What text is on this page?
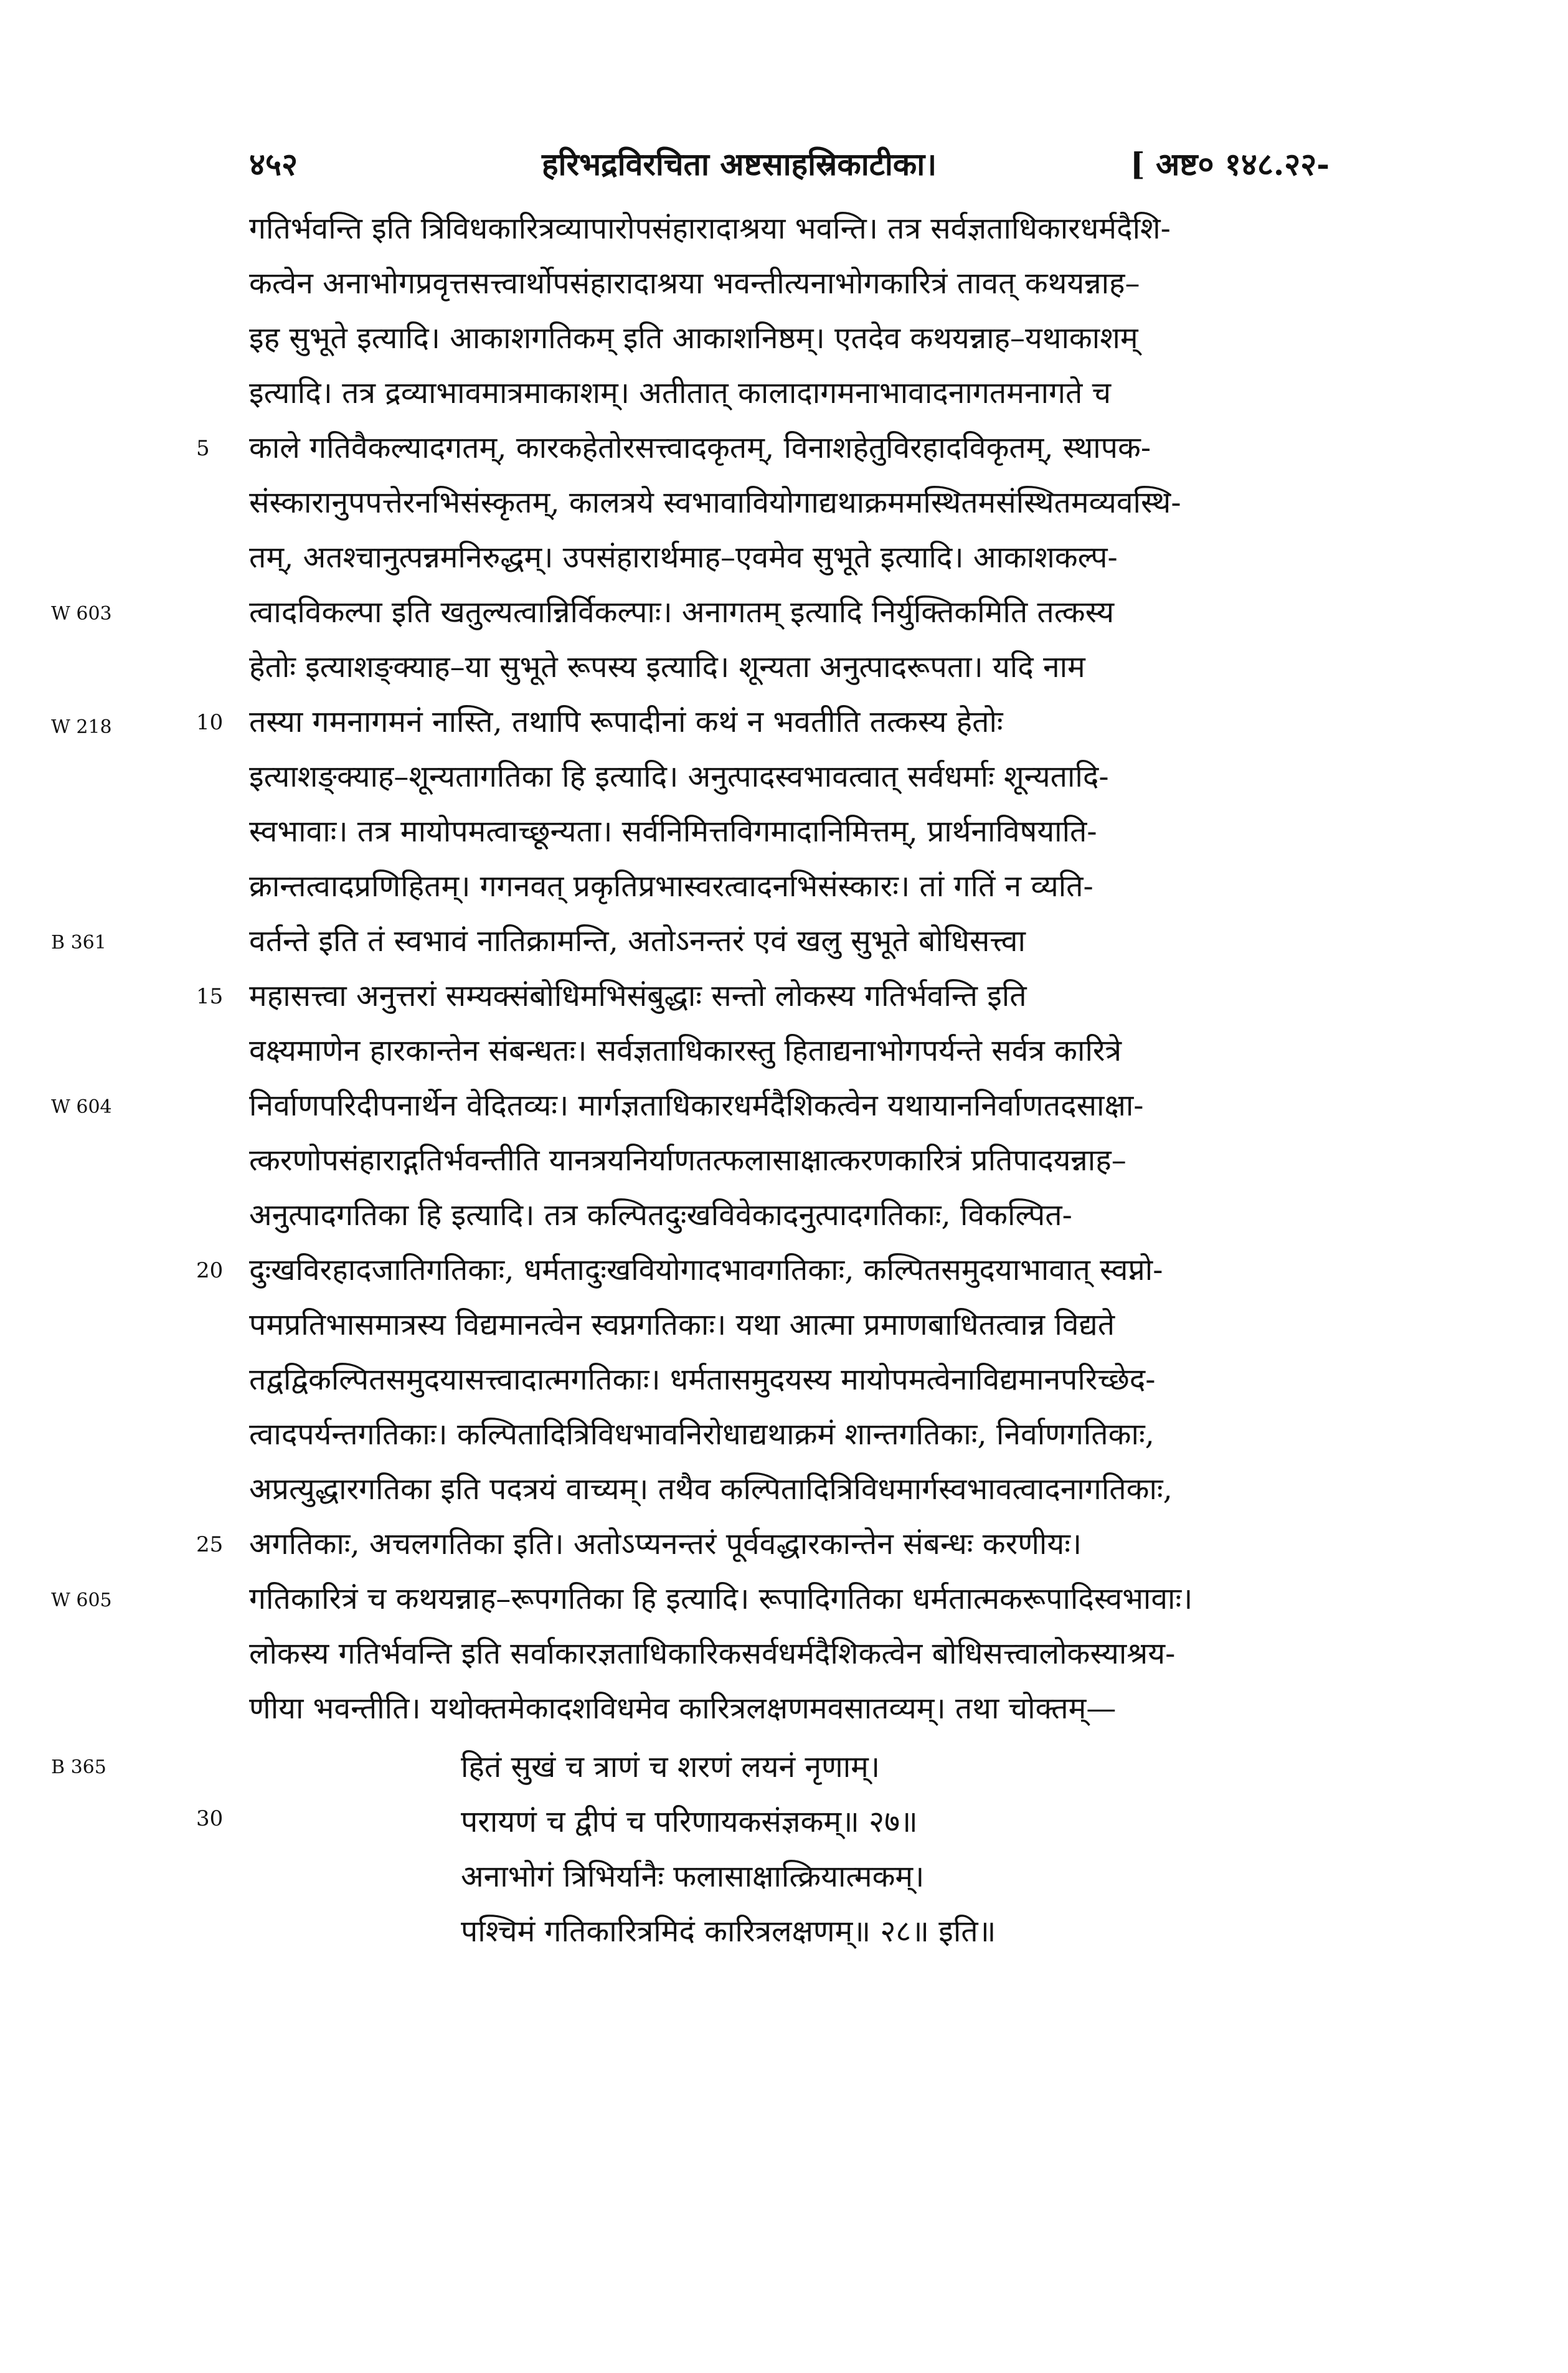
४५२	हरिभद्रविरचिता अष्टसाहस्रिकाटीका।	[ अष्ट० १४८.२२-
गतिर्भवन्ति इति त्रिविधकारित्रव्यापारोपसंहारादाश्रया भवन्ति। तत्र सर्वज्ञताधिकारधर्मदैशि-
कत्वेन अनाभोगप्रवृत्तसत्त्वार्थोपसंहारादाश्रया भवन्तीत्यनाभोगकारित्रं तावत् कथयन्नाह–
इह सुभूते इत्यादि। आकाशगतिकम् इति आकाशनिष्ठम्। एतदेव कथयन्नाह–यथाकाशम्
इत्यादि। तत्र द्रव्याभावमात्रमाकाशम्। अतीतात् कालादागमनाभावादनागतमनागते च
काले गतिवैकल्यादगतम्, कारकहेतोरसत्त्वादकृतम्, विनाशहेतुविरहादविकृतम्, स्थापक-
संस्कारानुपपत्तेरनभिसंस्कृतम्, कालत्रये स्वभावावियोगाद्यथाक्रममस्थितमसंस्थितमव्यवस्थि-
तम्, अतश्चानुत्पन्नमनिरुद्धम्। उपसंहारार्थमाह–एवमेव सुभूते इत्यादि। आकाशकल्प-
त्वादविकल्पा इति खतुल्यत्वान्निर्विकल्पाः। अनागतम् इत्यादि निर्युक्तिकमिति तत्कस्य
हेतोः इत्याशङ्क्याह–या सुभूते रूपस्य इत्यादि। शून्यता अनुत्पादरूपता। यदि नाम
तस्या गमनागमनं नास्ति, तथापि रूपादीनां कथं न भवतीति तत्कस्य हेतोः
इत्याशङ्क्याह–शून्यतागतिका हि इत्यादि। अनुत्पादस्वभावत्वात् सर्वधर्माः शून्यतादि-
स्वभावाः। तत्र मायोपमत्वाच्छून्यता। सर्वनिमित्तविगमादानिमित्तम्, प्रार्थनाविषयाति-
क्रान्तत्वादप्रणिहितम्। गगनवत् प्रकृतिप्रभास्वरत्वादनभिसंस्कारः। तां गतिं न व्यति-
वर्तन्ते इति तं स्वभावं नातिक्रामन्ति, अतोऽनन्तरं एवं खलु सुभूते बोधिसत्त्वा
महासत्त्वा अनुत्तरां सम्यक्संबोधिमभिसंबुद्धाः सन्तो लोकस्य गतिर्भवन्ति इति
वक्ष्यमाणेन हारकान्तेन संबन्धतः। सर्वज्ञताधिकारस्तु हिताद्यनाभोगपर्यन्ते सर्वत्र कारित्रे
निर्वाणपरिदीपनार्थेन वेदितव्यः। मार्गज्ञताधिकारधर्मदैशिकत्वेन यथायाननिर्वाणतदसाक्षा-
त्करणोपसंहाराद्गतिर्भवन्तीति यानत्रयनिर्याणतत्फलासाक्षात्करणकारित्रं प्रतिपादयन्नाह–
अनुत्पादगतिका हि इत्यादि। तत्र कल्पितदुःखविवेकादनुत्पादगतिकाः, विकल्पित-
दुःखविरहादजातिगतिकाः, धर्मतादुःखवियोगादभावगतिकाः, कल्पितसमुदयाभावात् स्वप्नो-
पमप्रतिभासमात्रस्य विद्यमानत्वेन स्वप्नगतिकाः। यथा आत्मा प्रमाणबाधितत्वान्न विद्यते
तद्वद्विकल्पितसमुदयासत्त्वादात्मगतिकाः। धर्मतासमुदयस्य मायोपमत्वेनाविद्यमानपरिच्छेद-
त्वादपर्यन्तगतिकाः। कल्पितादित्रिविधभावनिरोधाद्यथाक्रमं शान्तगतिकाः, निर्वाणगतिकाः,
अप्रत्युद्धारगतिका इति पदत्रयं वाच्यम्। तथैव कल्पितादित्रिविधमार्गस्वभावत्वादनागतिकाः,
अगतिकाः, अचलगतिका इति। अतोऽप्यनन्तरं पूर्ववद्धारकान्तेन संबन्धः करणीयः।
गतिकारित्रं च कथयन्नाह–रूपगतिका हि इत्यादि। रूपादिगतिका धर्मतात्मकरूपादिस्वभावाः।
लोकस्य गतिर्भवन्ति इति सर्वाकारज्ञताधिकारिकसर्वधर्मदैशिकत्वेन बोधिसत्त्वालोकस्याश्रय-
णीया भवन्तीति। यथोक्तमेकादशविधमेव कारित्रलक्षणमवसातव्यम्। तथा चोक्तम्—
5
10
15
20
25
30
W 603
W 218
B 361
W 604
W 605
B 365	हितं सुखं च त्राणं च शरणं लयनं नृणाम्।
परायणं च द्वीपं च परिणायकसंज्ञकम्॥ २७॥
अनाभोगं त्रिभिर्यानैः फलासाक्षात्क्रियात्मकम्।
पश्चिमं गतिकारित्रमिदं कारित्रलक्षणम्॥ २८॥ इति॥
